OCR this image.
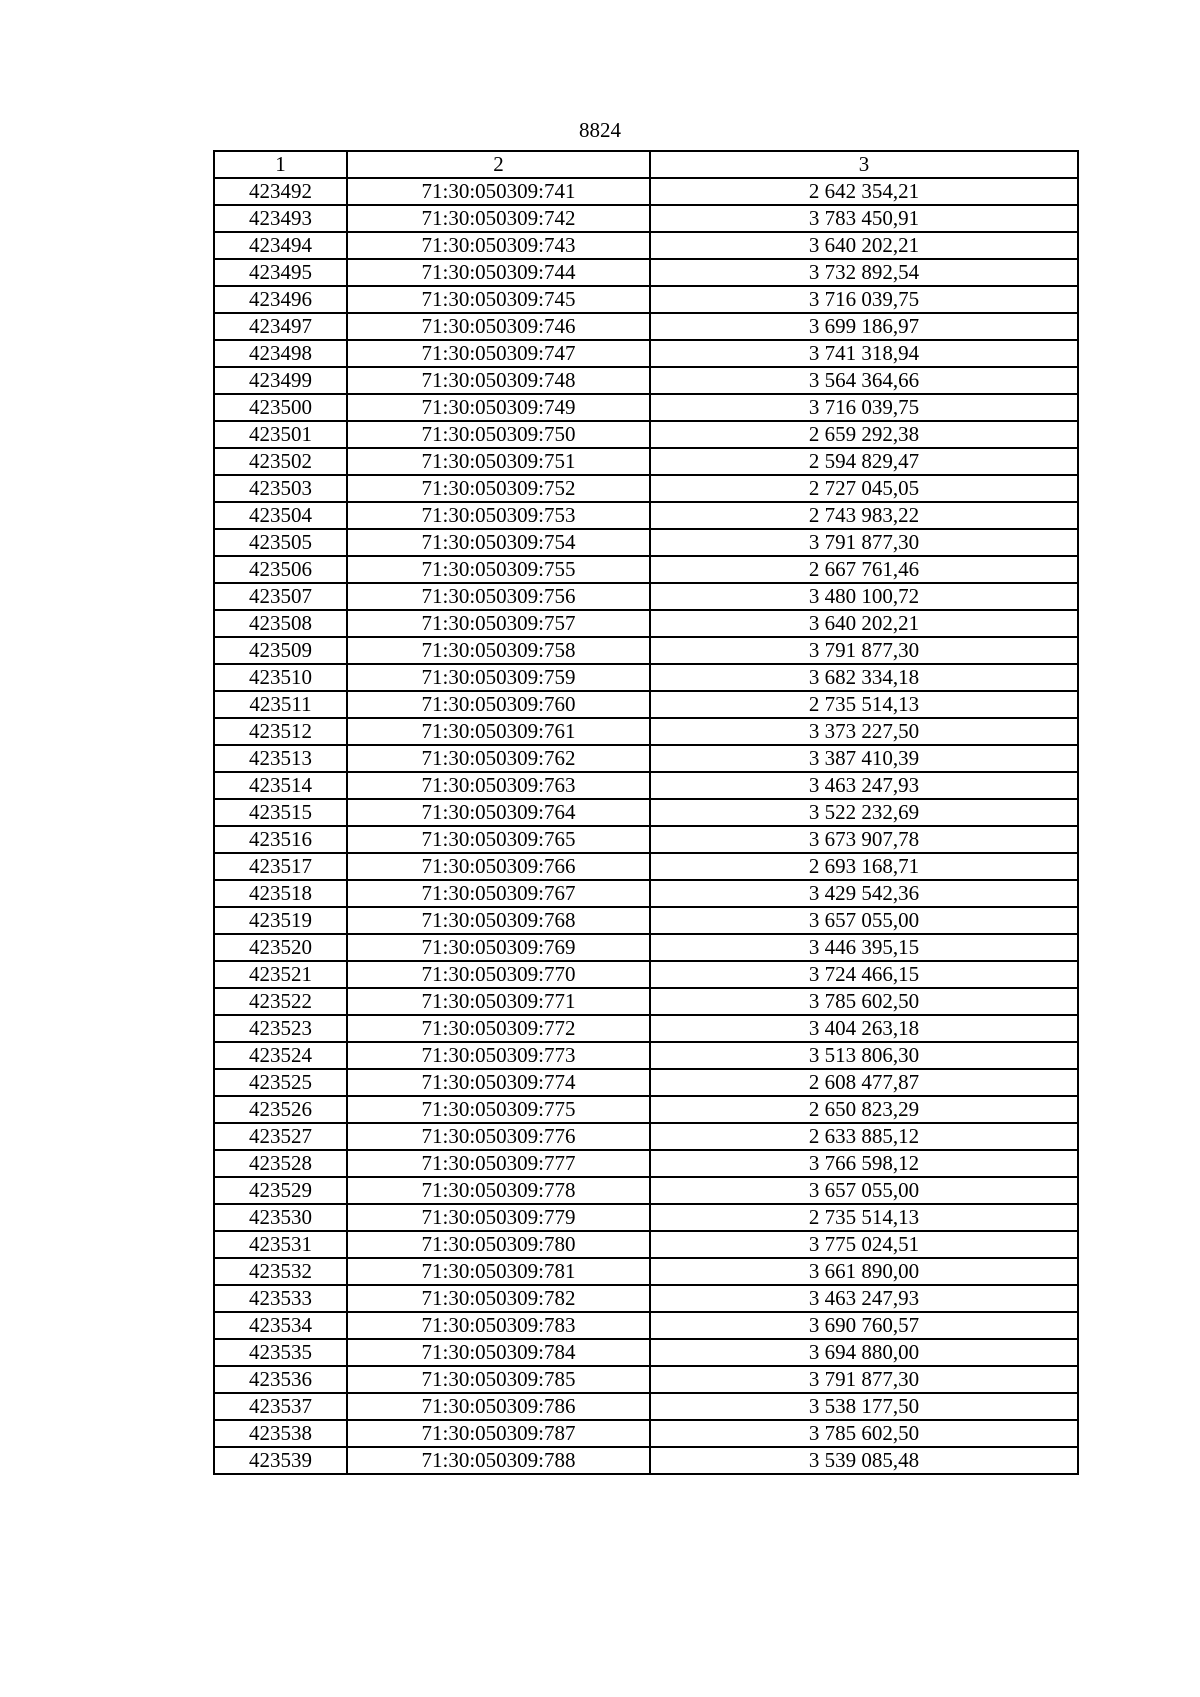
8824
1	2	3
423492	71:30:050309:741	2 642 354,21
423493	71:30:050309:742	3 783 450,91
423494	71:30:050309:743	3 640 202,21
423495	71:30:050309:744	3 732 892,54
423496	71:30:050309:745	3 716 039,75
423497	71:30:050309:746	3 699 186,97
423498	71:30:050309:747	3 741 318,94
423499	71:30:050309:748	3 564 364,66
423500	71:30:050309:749	3 716 039,75
423501	71:30:050309:750	2 659 292,38
423502	71:30:050309:751	2 594 829,47
423503	71:30:050309:752	2 727 045,05
423504	71:30:050309:753	2 743 983,22
423505	71:30:050309:754	3 791 877,30
423506	71:30:050309:755	2 667 761,46
423507	71:30:050309:756	3 480 100,72
423508	71:30:050309:757	3 640 202,21
423509	71:30:050309:758	3 791 877,30
423510	71:30:050309:759	3 682 334,18
423511	71:30:050309:760	2 735 514,13
423512	71:30:050309:761	3 373 227,50
423513	71:30:050309:762	3 387 410,39
423514	71:30:050309:763	3 463 247,93
423515	71:30:050309:764	3 522 232,69
423516	71:30:050309:765	3 673 907,78
423517	71:30:050309:766	2 693 168,71
423518	71:30:050309:767	3 429 542,36
423519	71:30:050309:768	3 657 055,00
423520	71:30:050309:769	3 446 395,15
423521	71:30:050309:770	3 724 466,15
423522	71:30:050309:771	3 785 602,50
423523	71:30:050309:772	3 404 263,18
423524	71:30:050309:773	3 513 806,30
423525	71:30:050309:774	2 608 477,87
423526	71:30:050309:775	2 650 823,29
423527	71:30:050309:776	2 633 885,12
423528	71:30:050309:777	3 766 598,12
423529	71:30:050309:778	3 657 055,00
423530	71:30:050309:779	2 735 514,13
423531	71:30:050309:780	3 775 024,51
423532	71:30:050309:781	3 661 890,00
423533	71:30:050309:782	3 463 247,93
423534	71:30:050309:783	3 690 760,57
423535	71:30:050309:784	3 694 880,00
423536	71:30:050309:785	3 791 877,30
423537	71:30:050309:786	3 538 177,50
423538	71:30:050309:787	3 785 602,50
423539	71:30:050309:788	3 539 085,48
